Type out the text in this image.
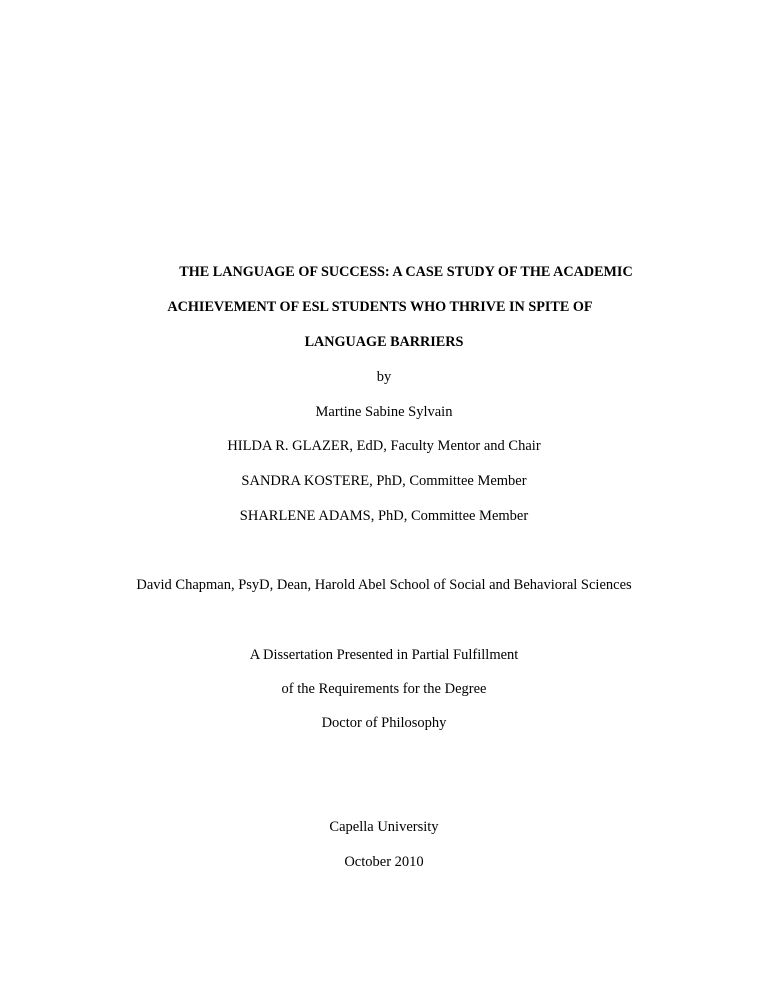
THE LANGUAGE OF SUCCESS: A CASE STUDY OF THE ACADEMIC
ACHIEVEMENT OF ESL STUDENTS WHO THRIVE IN SPITE OF
LANGUAGE BARRIERS
by
Martine Sabine Sylvain
HILDA R. GLAZER, EdD, Faculty Mentor and Chair
SANDRA KOSTERE, PhD, Committee Member
SHARLENE ADAMS, PhD, Committee Member
David Chapman, PsyD, Dean, Harold Abel School of Social and Behavioral Sciences
A Dissertation Presented in Partial Fulfillment
of the Requirements for the Degree
Doctor of Philosophy
Capella University
October 2010
